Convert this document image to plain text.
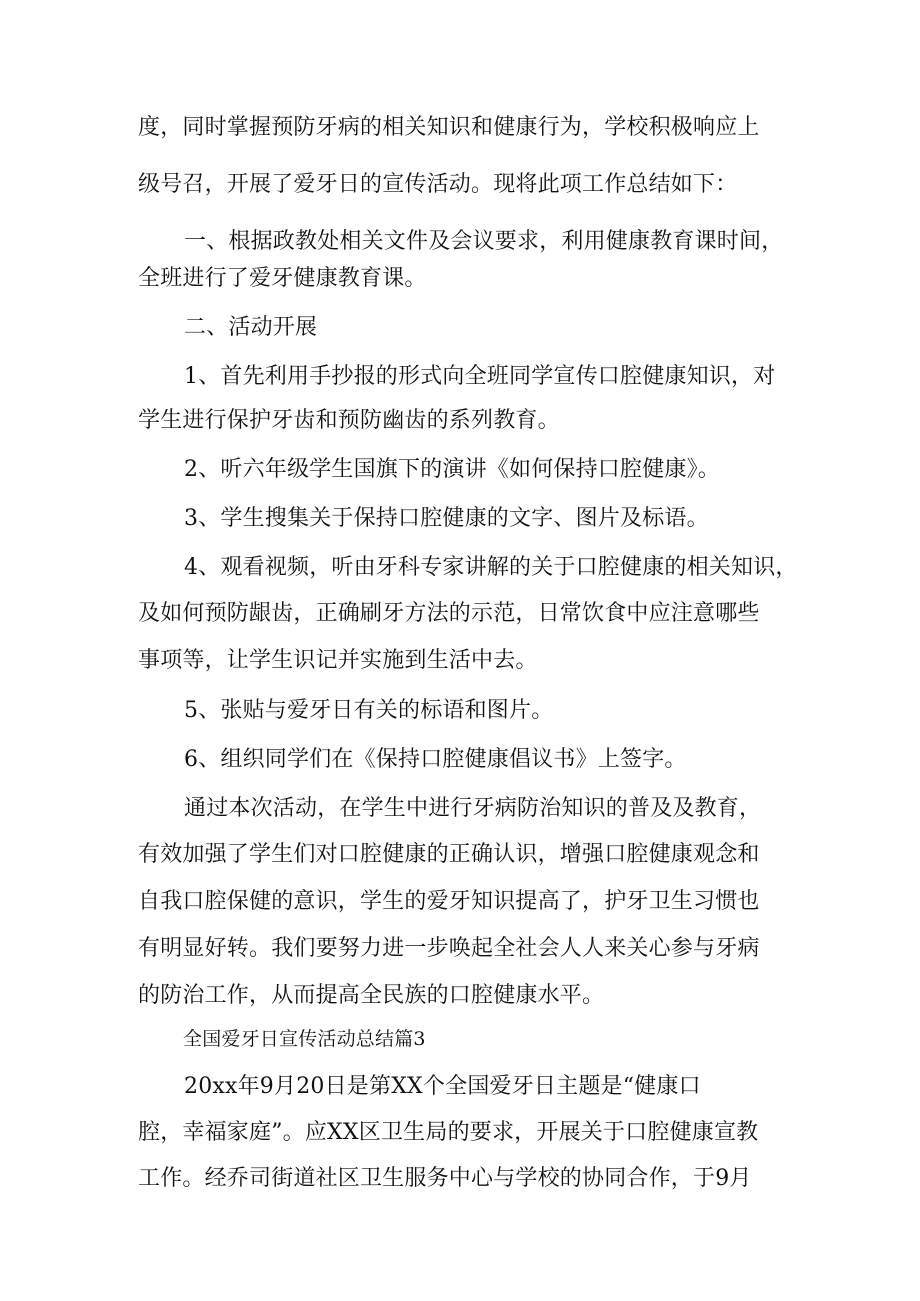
度，同时掌握预防牙病的相关知识和健康行为，学校积极响应上
级号召，开展了爱牙日的宣传活动。现将此项工作总结如下：
一、根据政教处相关文件及会议要求，利用健康教育课时间，
全班进行了爱牙健康教育课。
二、活动开展
1、首先利用手抄报的形式向全班同学宣传口腔健康知识，对
学生进行保护牙齿和预防幽齿的系列教育。
2、听六年级学生国旗下的演讲《如何保持口腔健康》。
3、学生搜集关于保持口腔健康的文字、图片及标语。
4、观看视频，听由牙科专家讲解的关于口腔健康的相关知识，
及如何预防龈齿，正确刷牙方法的示范，日常饮食中应注意哪些
事项等，让学生识记并实施到生活中去。
5、张贴与爱牙日有关的标语和图片。
6、组织同学们在《保持口腔健康倡议书》上签字。
通过本次活动，在学生中进行牙病防治知识的普及及教育，
有效加强了学生们对口腔健康的正确认识，增强口腔健康观念和
自我口腔保健的意识，学生的爱牙知识提高了，护牙卫生习惯也
有明显好转。我们要努力进一步唤起全社会人人来关心参与牙病
的防治工作，从而提高全民族的口腔健康水平。
全国爱牙日宣传活动总结篇3
20xx年9月20日是第XX个全国爱牙日主题是“健康口
腔，幸福家庭”。应XX区卫生局的要求，开展关于口腔健康宣教
工作。经乔司街道社区卫生服务中心与学校的协同合作，于9月
